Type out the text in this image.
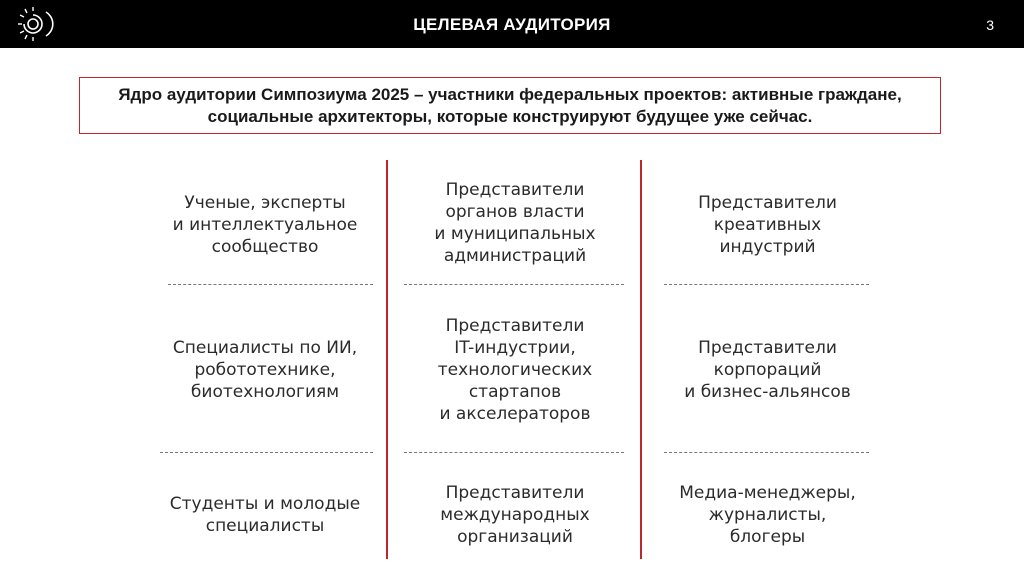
ЦЕЛЕВАЯ АУДИТОРИЯ	3
Ядро аудитории Симпозиума 2025 – участники федеральных проектов: активные граждане, социальные архитекторы, которые конструируют будущее уже сейчас.
Ученые, эксперты
и интеллектуальное
сообщество
Специалисты по ИИ,
робототехнике,
биотехнологиям
Студенты и молодые
специалисты
Представители
органов власти
и муниципальных
администраций
Представители
IT-индустрии,
технологических
стартапов
и акселераторов
Представители
международных
организаций
Представители
креативных
индустрий
Представители
корпораций
и бизнес-альянсов
Медиа-менеджеры,
журналисты,
блогеры
